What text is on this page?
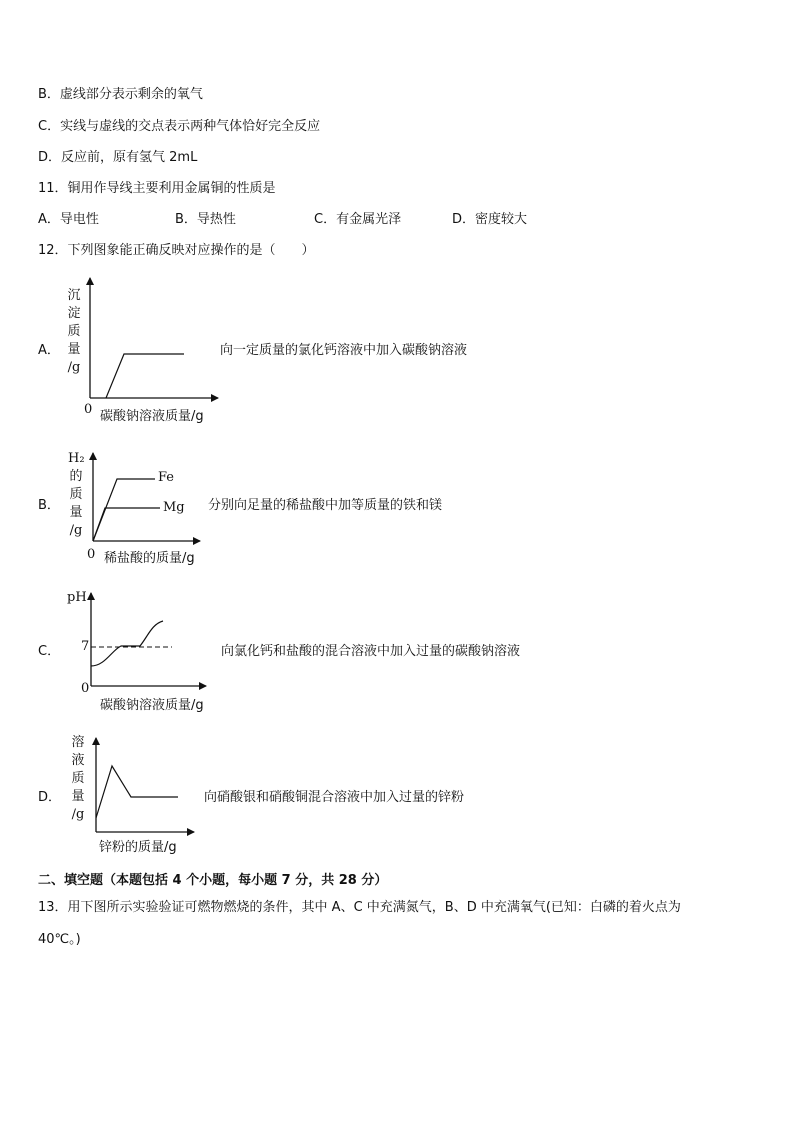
B．虚线部分表示剩余的氧气
C．实线与虚线的交点表示两种气体恰好完全反应
D．反应前，原有氢气 2mL
11．铜用作导线主要利用金属铜的性质是
A．导电性	B．导热性	C．有金属光泽	D．密度较大
12．下列图象能正确反映对应操作的是（　　）
A．
沉
淀
质
量
/g
0 碳酸钠溶液质量/g
向一定质量的氯化钙溶液中加入碳酸钠溶液
B．
H₂
的
质
量
/g
Fe
Mg
0 稀盐酸的质量/g
分别向足量的稀盐酸中加等质量的铁和镁
C．
pH
7
0
碳酸钠溶液质量/g
向氯化钙和盐酸的混合溶液中加入过量的碳酸钠溶液
D．
溶
液
质
量
/g
锌粉的质量/g
向硝酸银和硝酸铜混合溶液中加入过量的锌粉
二、填空题（本题包括 4 个小题，每小题 7 分，共 28 分）
13．用下图所示实验验证可燃物燃烧的条件，其中 A、C 中充满氮气，B、D 中充满氧气(已知：白磷的着火点为
40℃。)
